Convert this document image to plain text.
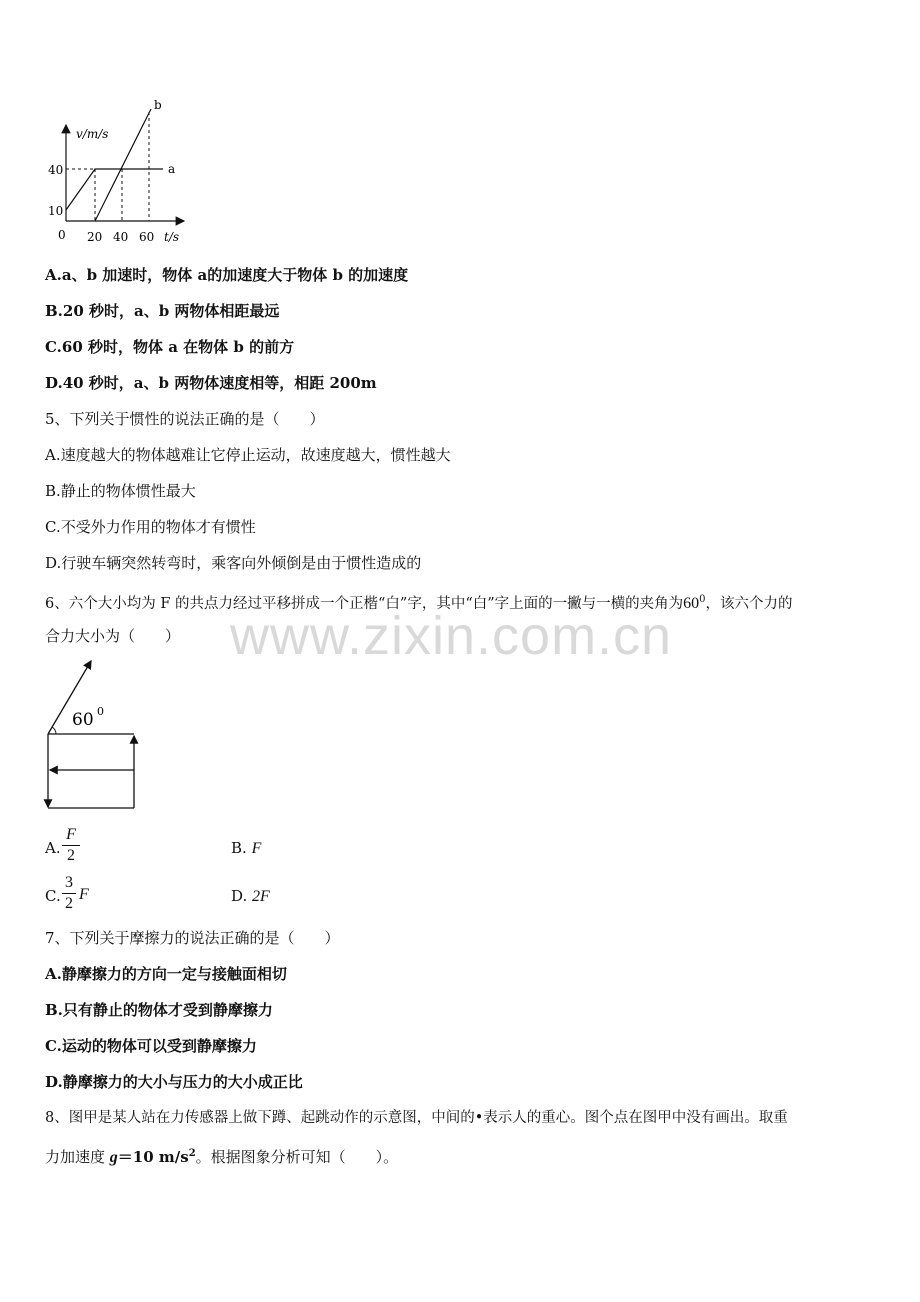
v/m/s
t/s
0
40
10
20 40 60
a
b
A.a、b 加速时，物体 a的加速度大于物体 b 的加速度
B.20 秒时，a、b 两物体相距最远
C.60 秒时，物体 a 在物体 b 的前方
D.40 秒时，a、b 两物体速度相等，相距 200m
5、下列关于惯性的说法正确的是（　　）
A.速度越大的物体越难让它停止运动，故速度越大，惯性越大
B.静止的物体惯性最大
C.不受外力作用的物体才有惯性
D.行驶车辆突然转弯时，乘客向外倾倒是由于惯性造成的
6、六个大小均为 F 的共点力经过平移拼成一个正楷“白”字，其中“白”字上面的一撇与一横的夹角为$60^0$，该六个力的
合力大小为（　　） www.zixin.com.cn
60 0
A.
F
2	B. F
C.
3
2
F	D. 2F
7、下列关于摩擦力的说法正确的是（　　）
A.静摩擦力的方向一定与接触面相切
B.只有静止的物体才受到静摩擦力
C.运动的物体可以受到静摩擦力
D.静摩擦力的大小与压力的大小成正比
8、图甲是某人站在力传感器上做下蹲、起跳动作的示意图，中间的•表示人的重心。图个点在图甲中没有画出。取重
力加速度 g＝10 $m/s^2$。根据图象分析可知（　　）。
